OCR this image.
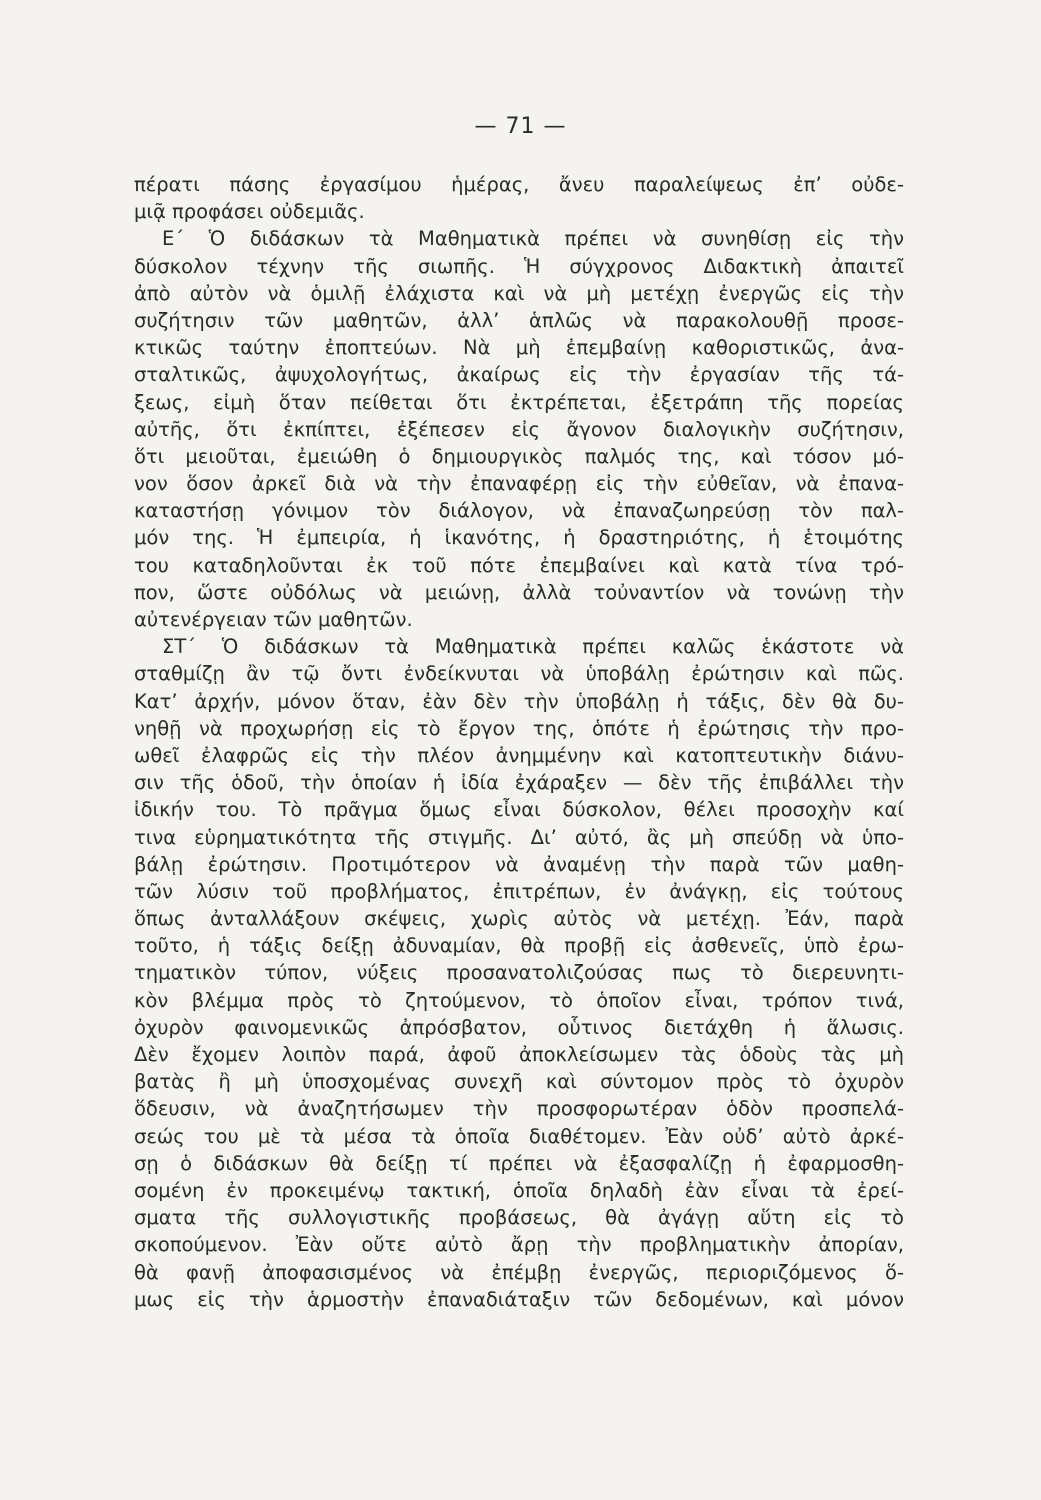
— 71 —
πέρατι πάσης ἐργασίμου ἡμέρας, ἄνευ παραλείψεως ἐπ’ οὐδε-
μιᾷ προφάσει οὐδεμιᾶς.
Ε΄ Ὁ διδάσκων τὰ Μαθηματικὰ πρέπει νὰ συνηθίσῃ εἰς τὴν
δύσκολον τέχνην τῆς σιωπῆς. Ἡ σύγχρονος Διδακτικὴ ἀπαιτεῖ
ἀπὸ αὐτὸν νὰ ὁμιλῇ ἐλάχιστα καὶ νὰ μὴ μετέχῃ ἐνεργῶς εἰς τὴν
συζήτησιν τῶν μαθητῶν, ἀλλ’ ἁπλῶς νὰ παρακολουθῇ προσε-
κτικῶς ταύτην ἐποπτεύων. Νὰ μὴ ἐπεμβαίνῃ καθοριστικῶς, ἀνα-
σταλτικῶς, ἀψυχολογήτως, ἀκαίρως εἰς τὴν ἐργασίαν τῆς τά-
ξεως, εἰμὴ ὅταν πείθεται ὅτι ἐκτρέπεται, ἐξετράπη τῆς πορείας
αὐτῆς, ὅτι ἐκπίπτει, ἐξέπεσεν εἰς ἄγονον διαλογικὴν συζήτησιν,
ὅτι μειοῦται, ἐμειώθη ὁ δημιουργικὸς παλμός της, καὶ τόσον μό-
νον ὅσον ἀρκεῖ διὰ νὰ τὴν ἐπαναφέρῃ εἰς τὴν εὐθεῖαν, νὰ ἐπανα-
καταστήσῃ γόνιμον τὸν διάλογον, νὰ ἐπαναζωηρεύσῃ τὸν παλ-
μόν της. Ἡ ἐμπειρία, ἡ ἱκανότης, ἡ δραστηριότης, ἡ ἑτοιμότης
του καταδηλοῦνται ἐκ τοῦ πότε ἐπεμβαίνει καὶ κατὰ τίνα τρό-
πον, ὥστε οὐδόλως νὰ μειώνῃ, ἀλλὰ τοὐναντίον νὰ τονώνῃ τὴν
αὐτενέργειαν τῶν μαθητῶν.
ΣΤ΄ Ὁ διδάσκων τὰ Μαθηματικὰ πρέπει καλῶς ἑκάστοτε νὰ
σταθμίζῃ ἂν τῷ ὄντι ἐνδείκνυται νὰ ὑποβάλῃ ἐρώτησιν καὶ πῶς.
Κατ’ ἀρχήν, μόνον ὅταν, ἐὰν δὲν τὴν ὑποβάλῃ ἡ τάξις, δὲν θὰ δυ-
νηθῇ νὰ προχωρήσῃ εἰς τὸ ἔργον της, ὁπότε ἡ ἐρώτησις τὴν προ-
ωθεῖ ἐλαφρῶς εἰς τὴν πλέον ἀνημμένην καὶ κατοπτευτικὴν διάνυ-
σιν τῆς ὁδοῦ, τὴν ὁποίαν ἡ ἰδία ἐχάραξεν — δὲν τῆς ἐπιβάλλει τὴν
ἰδικήν του. Τὸ πρᾶγμα ὅμως εἶναι δύσκολον, θέλει προσοχὴν καί
τινα εὑρηματικότητα τῆς στιγμῆς. Δι’ αὐτό, ἂς μὴ σπεύδῃ νὰ ὑπο-
βάλῃ ἐρώτησιν. Προτιμότερον νὰ ἀναμένῃ τὴν παρὰ τῶν μαθη-
τῶν λύσιν τοῦ προβλήματος, ἐπιτρέπων, ἐν ἀνάγκῃ, εἰς τούτους
ὅπως ἀνταλλάξουν σκέψεις, χωρὶς αὐτὸς νὰ μετέχῃ. Ἐάν, παρὰ
τοῦτο, ἡ τάξις δείξῃ ἀδυναμίαν, θὰ προβῇ εἰς ἀσθενεῖς, ὑπὸ ἐρω-
τηματικὸν τύπον, νύξεις προσανατολιζούσας πως τὸ διερευνητι-
κὸν βλέμμα πρὸς τὸ ζητούμενον, τὸ ὁποῖον εἶναι, τρόπον τινά,
ὀχυρὸν φαινομενικῶς ἀπρόσβατον, οὗτινος διετάχθη ἡ ἅλωσις.
Δὲν ἔχομεν λοιπὸν παρά, ἀφοῦ ἀποκλείσωμεν τὰς ὁδοὺς τὰς μὴ
βατὰς ἢ μὴ ὑποσχομένας συνεχῆ καὶ σύντομον πρὸς τὸ ὀχυρὸν
ὅδευσιν, νὰ ἀναζητήσωμεν τὴν προσφορωτέραν ὁδὸν προσπελά-
σεώς του μὲ τὰ μέσα τὰ ὁποῖα διαθέτομεν. Ἐὰν οὐδ’ αὐτὸ ἀρκέ-
σῃ ὁ διδάσκων θὰ δείξῃ τί πρέπει νὰ ἐξασφαλίζῃ ἡ ἐφαρμοσθη-
σομένη ἐν προκειμένῳ τακτική, ὁποῖα δηλαδὴ ἐὰν εἶναι τὰ ἐρεί-
σματα τῆς συλλογιστικῆς προβάσεως, θὰ ἀγάγῃ αὕτη εἰς τὸ
σκοπούμενον. Ἐὰν οὔτε αὐτὸ ἄρῃ τὴν προβληματικὴν ἀπορίαν,
θὰ φανῇ ἀποφασισμένος νὰ ἐπέμβῃ ἐνεργῶς, περιοριζόμενος ὅ-
μως εἰς τὴν ἁρμοστὴν ἐπαναδιάταξιν τῶν δεδομένων, καὶ μόνον
